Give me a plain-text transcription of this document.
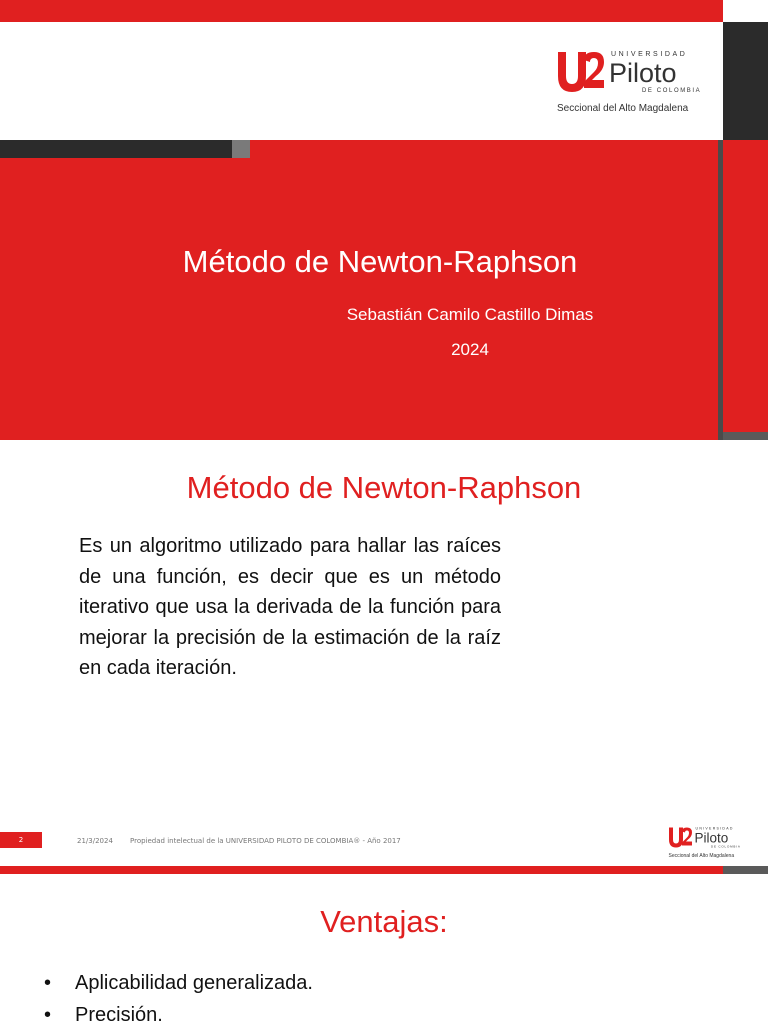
UNIVERSIDAD
Piloto
DE COLOMBIA
Seccional del Alto Magdalena
Método de Newton-Raphson
Sebastián Camilo Castillo Dimas
2024
Método de Newton-Raphson
Es un algoritmo utilizado para hallar las raíces de una función, es decir que es un método iterativo que usa la derivada de la función para mejorar la precisión de la estimación de la raíz en cada iteración.
2	21/3/2024 Propiedad intelectual de la UNIVERSIDAD PILOTO DE COLOMBIA® - Año 2017
UNIVERSIDAD
Piloto
DE COLOMBIA
Seccional del Alto Magdalena
Ventajas:
• Aplicabilidad generalizada.
• Precisión.
